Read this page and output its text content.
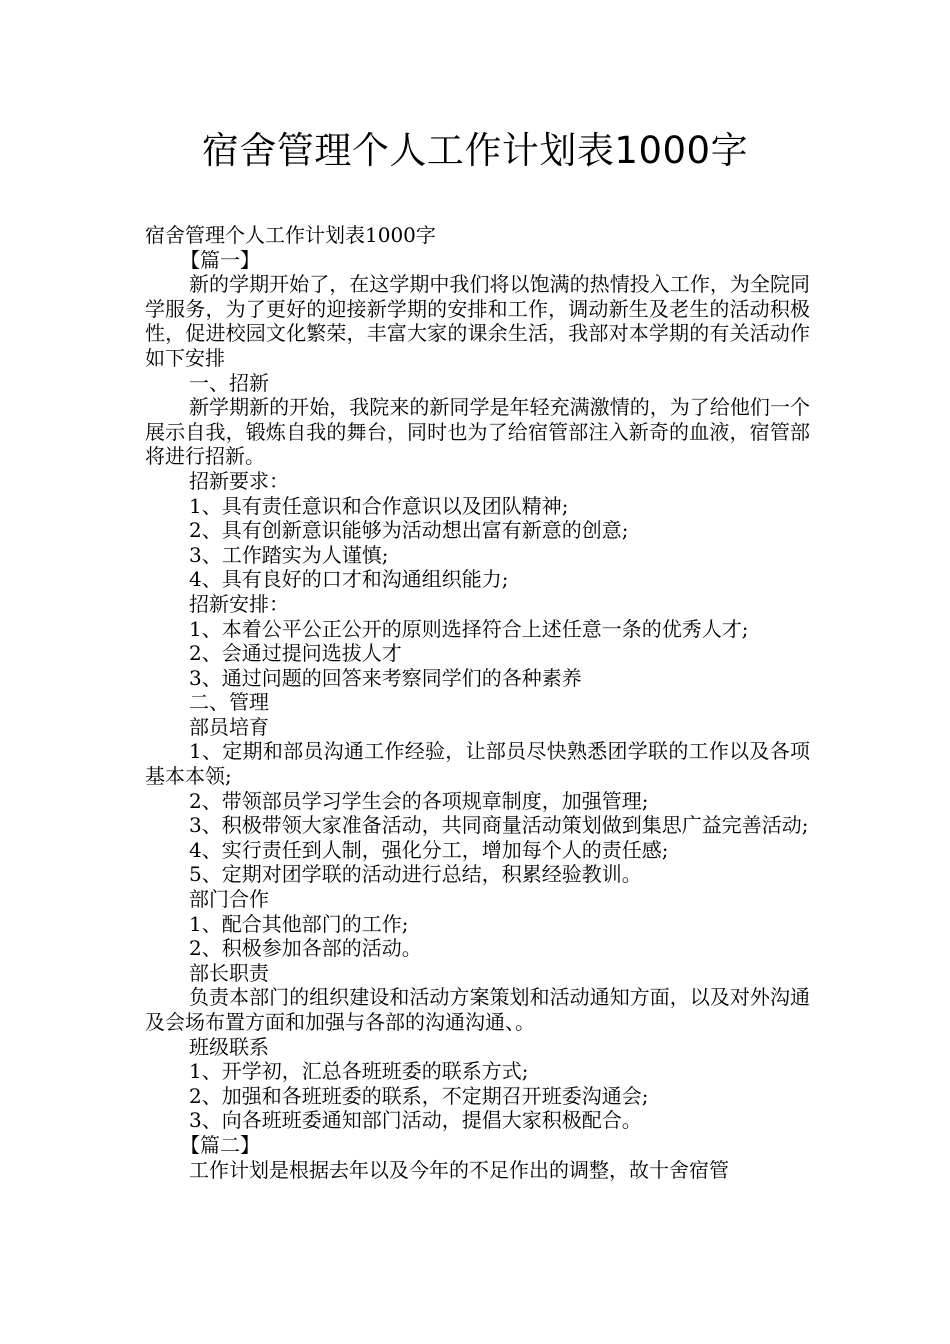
宿舍管理个人工作计划表1000字

宿舍管理个人工作计划表1000字

【篇一】

新的学期开始了，在这学期中我们将以饱满的热情投入工作，为全院同学服务，为了更好的迎接新学期的安排和工作，调动新生及老生的活动积极性，促进校园文化繁荣，丰富大家的课余生活，我部对本学期的有关活动作如下安排

一、招新

新学期新的开始，我院来的新同学是年轻充满激情的，为了给他们一个展示自我，锻炼自我的舞台，同时也为了给宿管部注入新奇的血液，宿管部将进行招新。

招新要求：

1、具有责任意识和合作意识以及团队精神;

2、具有创新意识能够为活动想出富有新意的创意;

3、工作踏实为人谨慎;

4、具有良好的口才和沟通组织能力;

招新安排：

1、本着公平公正公开的原则选择符合上述任意一条的优秀人才;

2、会通过提问选拔人才

3、通过问题的回答来考察同学们的各种素养

二、管理

部员培育

1、定期和部员沟通工作经验，让部员尽快熟悉团学联的工作以及各项基本本领;

2、带领部员学习学生会的各项规章制度，加强管理;

3、积极带领大家准备活动，共同商量活动策划做到集思广益完善活动;

4、实行责任到人制，强化分工，增加每个人的责任感;

5、定期对团学联的活动进行总结，积累经验教训。

部门合作

1、配合其他部门的工作;

2、积极参加各部的活动。

部长职责

负责本部门的组织建设和活动方案策划和活动通知方面，以及对外沟通及会场布置方面和加强与各部的沟通沟通、。

班级联系

1、开学初，汇总各班班委的联系方式;

2、加强和各班班委的联系，不定期召开班委沟通会;

3、向各班班委通知部门活动，提倡大家积极配合。

【篇二】

工作计划是根据去年以及今年的不足作出的调整，故十舍宿管
